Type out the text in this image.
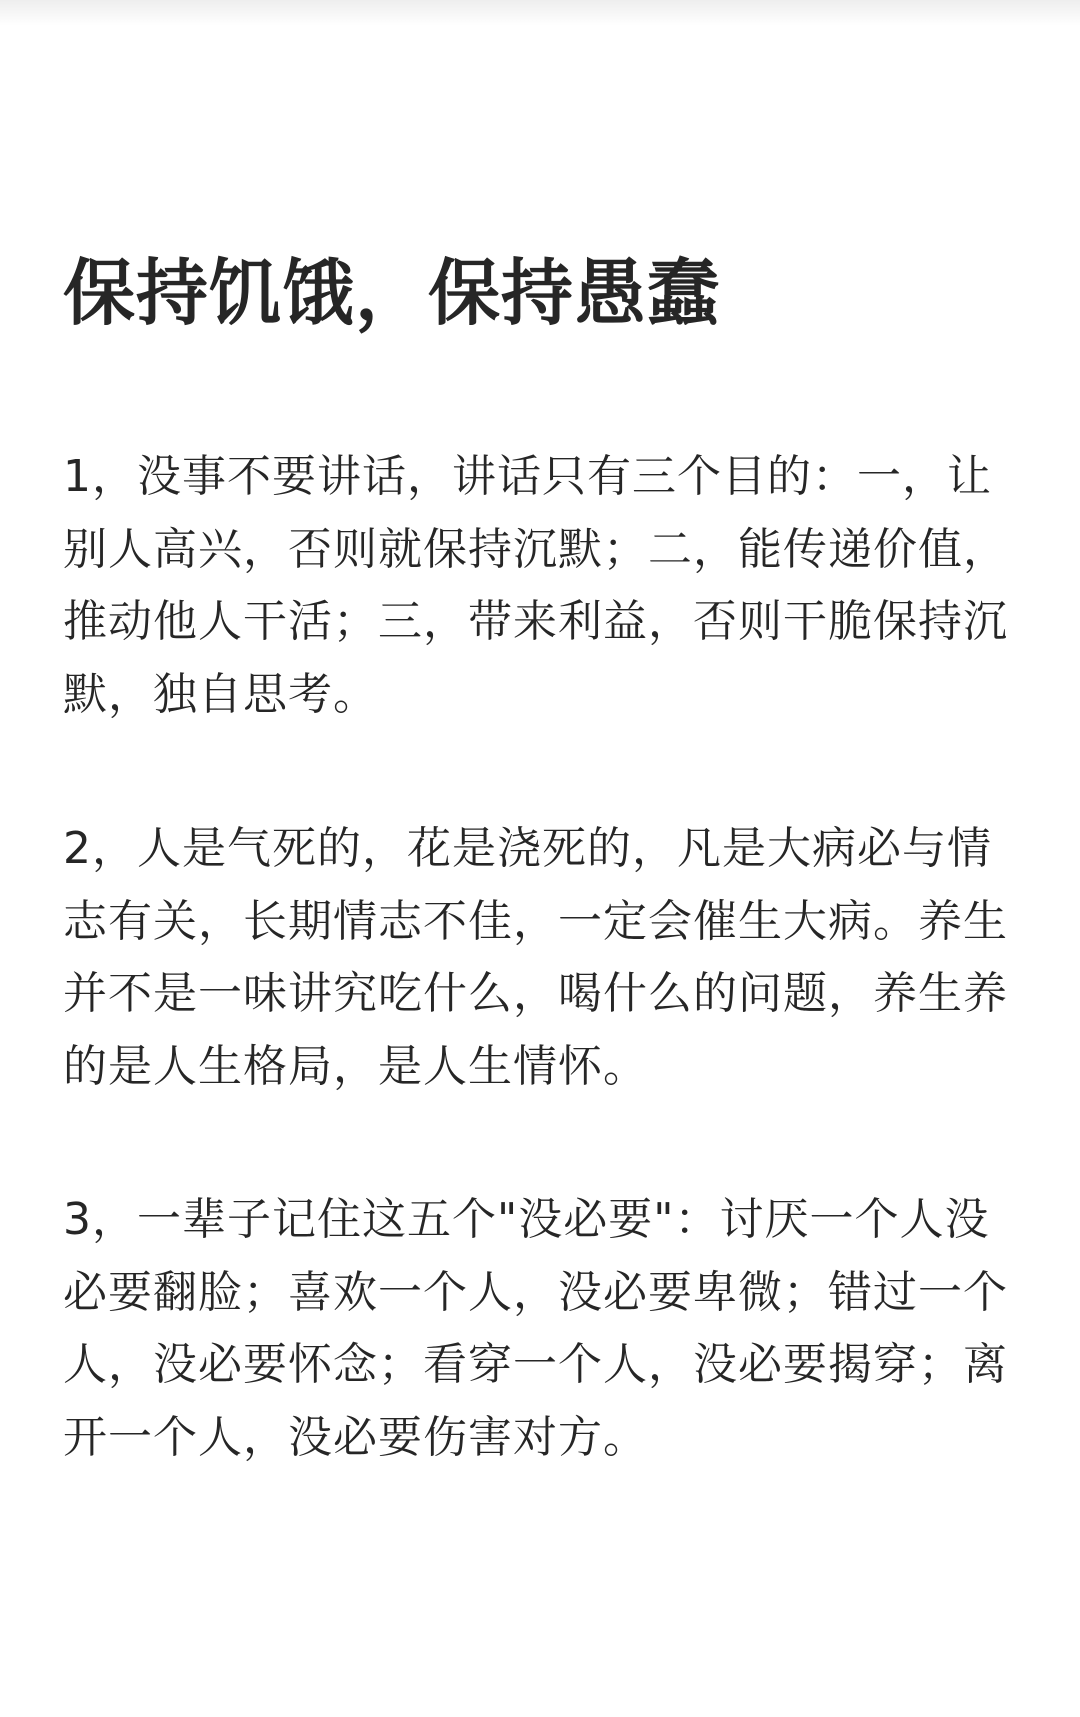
保持饥饿，保持愚蠢

1，没事不要讲话，讲话只有三个目的：一，让别人高兴，否则就保持沉默；二，能传递价值，推动他人干活；三，带来利益，否则干脆保持沉默，独自思考。

2，人是气死的，花是浇死的，凡是大病必与情志有关，长期情志不佳，一定会催生大病。养生并不是一味讲究吃什么，喝什么的问题，养生养的是人生格局，是人生情怀。

3，一辈子记住这五个"没必要"：讨厌一个人没必要翻脸；喜欢一个人，没必要卑微；错过一个人，没必要怀念；看穿一个人，没必要揭穿；离开一个人，没必要伤害对方。
